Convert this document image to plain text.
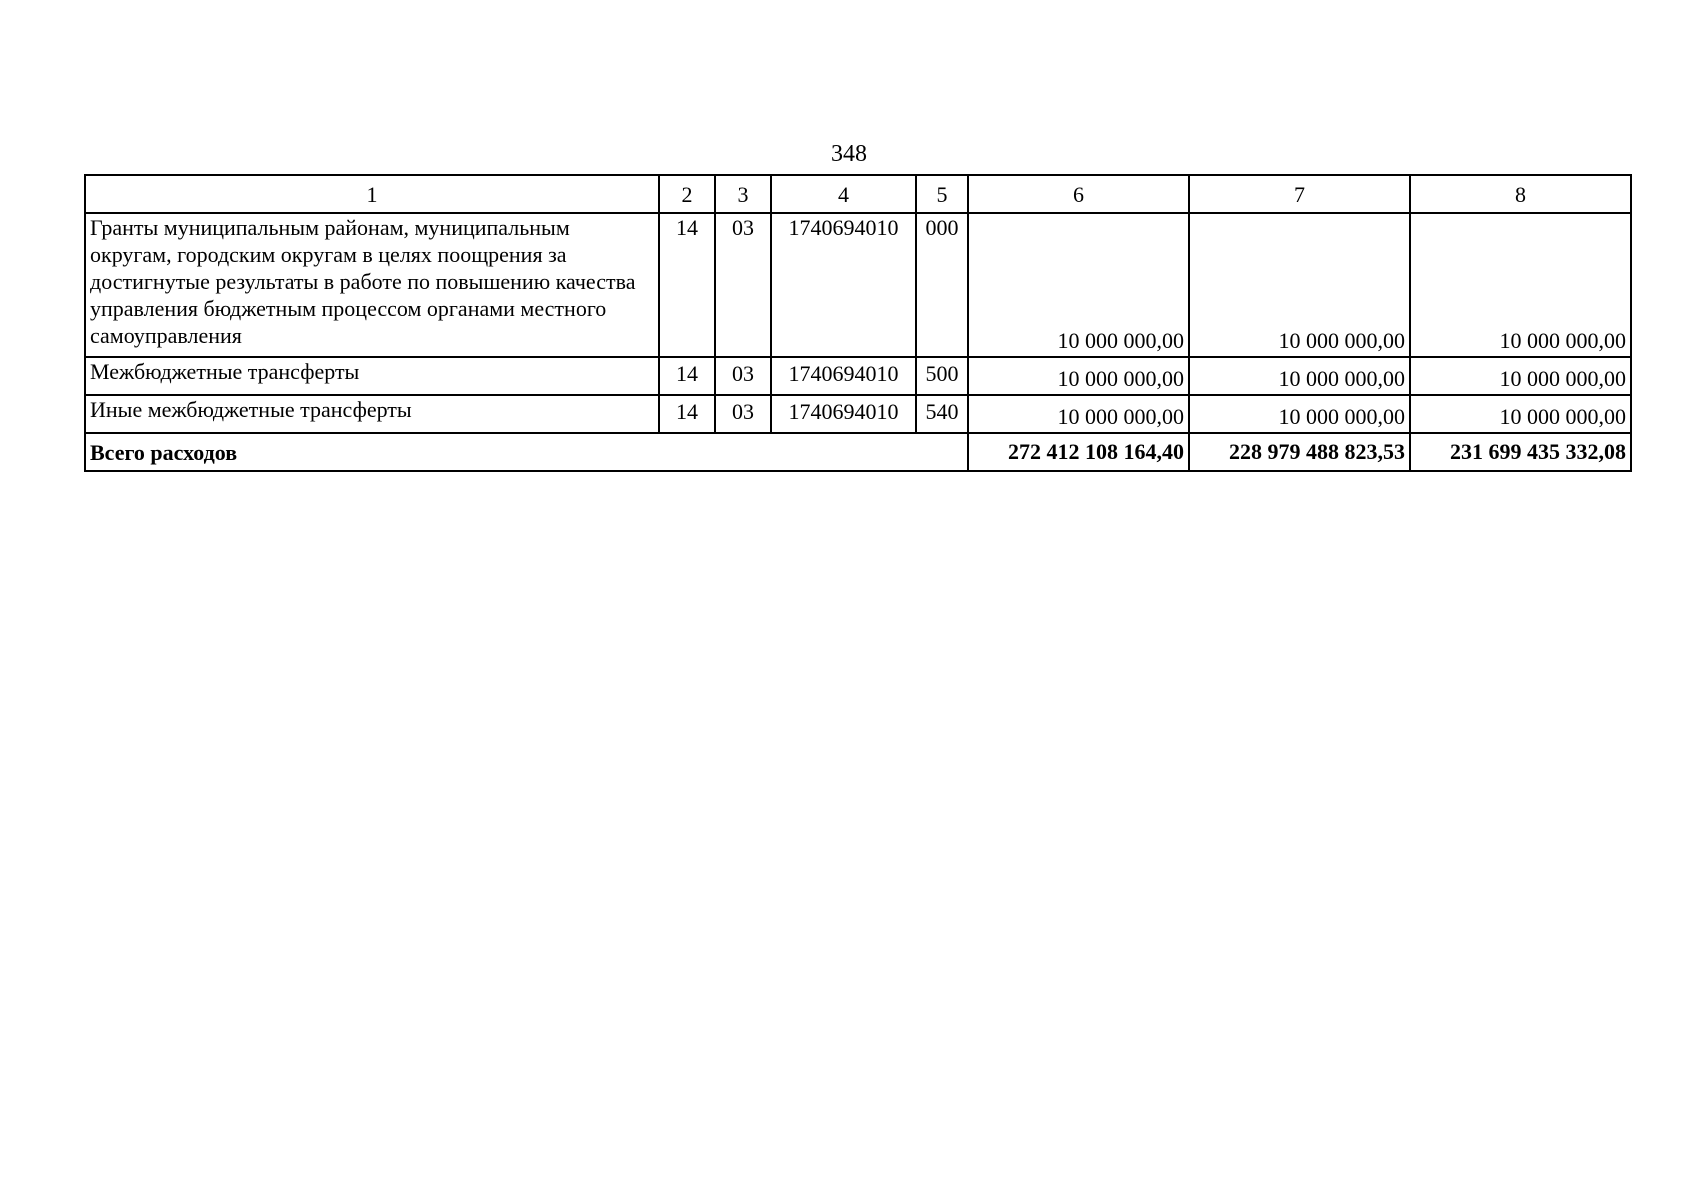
348
1	2	3	4	5	6	7	8
Гранты муниципальным районам, муниципальным округам, городским округам в целях поощрения за достигнутые результаты в работе по повышению качества управления бюджетным процессом органами местного самоуправления	14	03	1740694010	000	10 000 000,00	10 000 000,00	10 000 000,00
Межбюджетные трансферты	14	03	1740694010	500	10 000 000,00	10 000 000,00	10 000 000,00
Иные межбюджетные трансферты	14	03	1740694010	540	10 000 000,00	10 000 000,00	10 000 000,00
Всего расходов					272 412 108 164,40	228 979 488 823,53	231 699 435 332,08
